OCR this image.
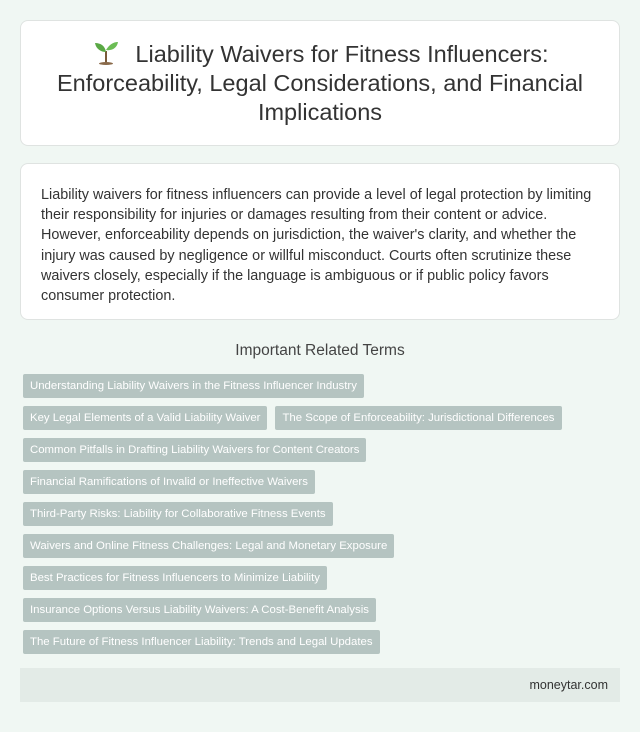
Liability Waivers for Fitness Influencers: Enforceability, Legal Considerations, and Financial Implications

Liability waivers for fitness influencers can provide a level of legal protection by limiting their responsibility for injuries or damages resulting from their content or advice. However, enforceability depends on jurisdiction, the waiver's clarity, and whether the injury was caused by negligence or willful misconduct. Courts often scrutinize these waivers closely, especially if the language is ambiguous or if public policy favors consumer protection.

Important Related Terms
Understanding Liability Waivers in the Fitness Influencer Industry
Key Legal Elements of a Valid Liability Waiver	The Scope of Enforceability: Jurisdictional Differences
Common Pitfalls in Drafting Liability Waivers for Content Creators
Financial Ramifications of Invalid or Ineffective Waivers
Third-Party Risks: Liability for Collaborative Fitness Events
Waivers and Online Fitness Challenges: Legal and Monetary Exposure
Best Practices for Fitness Influencers to Minimize Liability
Insurance Options Versus Liability Waivers: A Cost-Benefit Analysis
The Future of Fitness Influencer Liability: Trends and Legal Updates
moneytar.com
